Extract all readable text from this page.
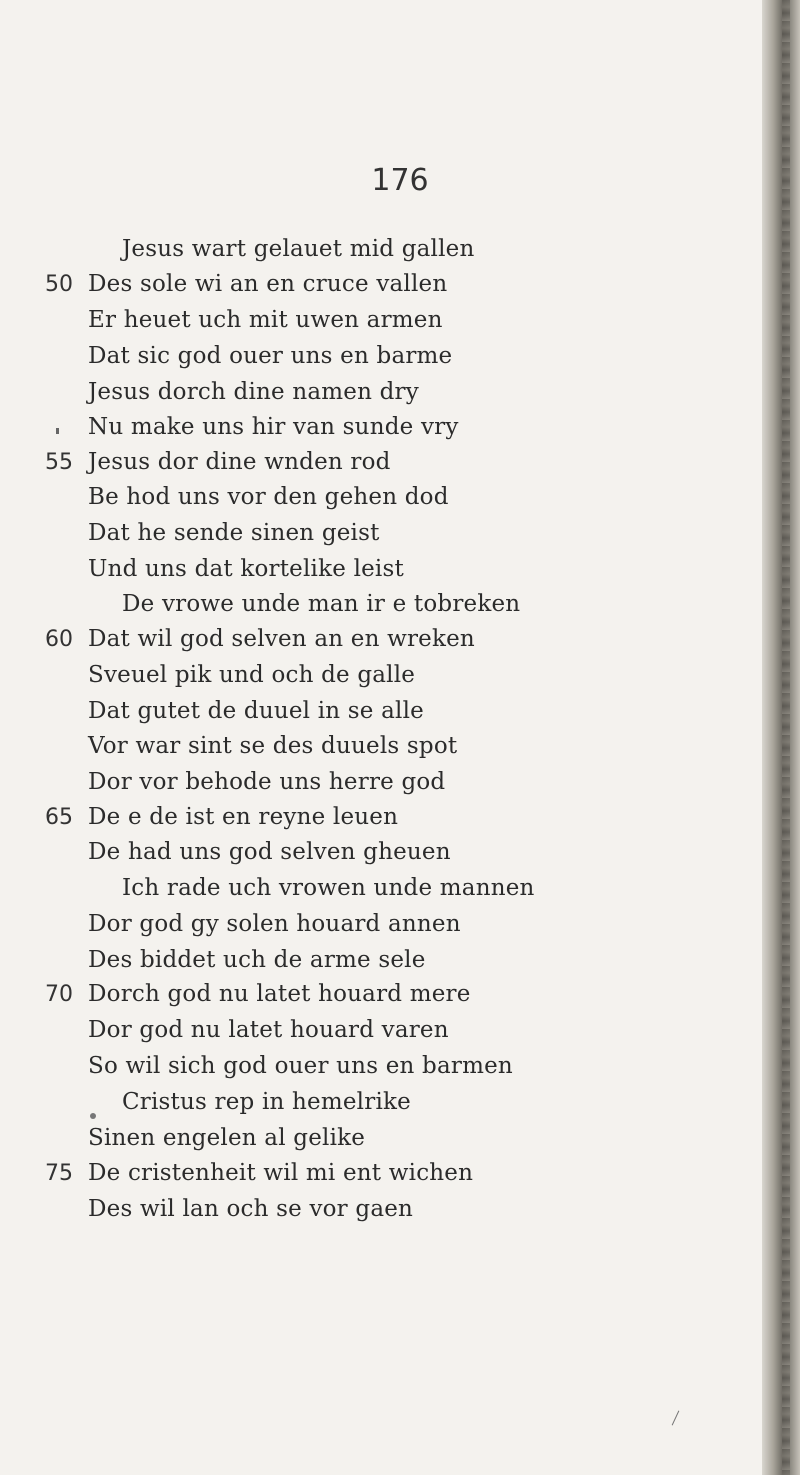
176
Jesus wart gelauet mid gallen
Des sole wi an en cruce vallen
50
Er heuet uch mit uwen armen
Dat sic god ouer uns en barme
Jesus dorch dine namen dry
Nu make uns hir van sunde vry
Jesus dor dine wnden rod
55
Be hod uns vor den gehen dod
Dat he sende sinen geist
Und uns dat kortelike leist
De vrowe unde man ir e tobreken
Dat wil god selven an en wreken
60
Sveuel pik und och de galle
Dat gutet de duuel in se alle
Vor war sint se des duuels spot
Dor vor behode uns herre god
De e de ist en reyne leuen
65
De had uns god selven gheuen
Ich rade uch vrowen unde mannen
Dor god gy solen houard annen
Des biddet uch de arme sele
Dorch god nu latet houard mere
70
Dor god nu latet houard varen
So wil sich god ouer uns en barmen
Cristus rep in hemelrike
Sinen engelen al gelike
De cristenheit wil mi ent wichen
75
Des wil lan och se vor gaen
